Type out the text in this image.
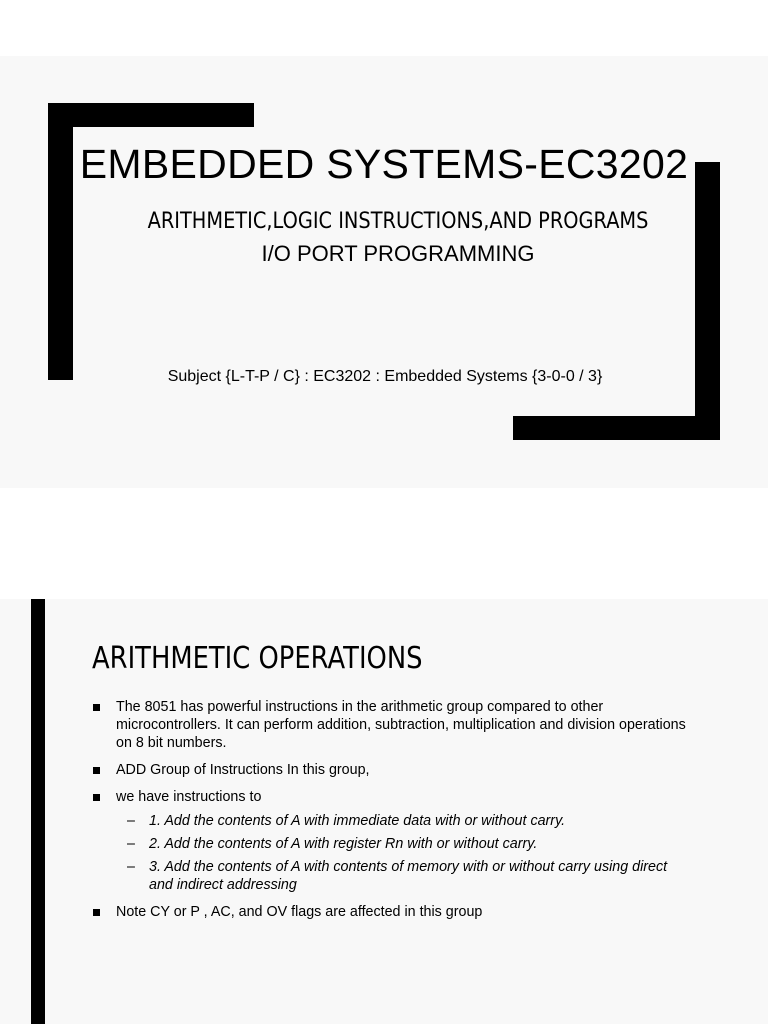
EMBEDDED SYSTEMS-EC3202
ARITHMETIC,LOGIC INSTRUCTIONS,AND PROGRAMS
I/O PORT PROGRAMMING
Subject {L-T-P / C} : EC3202 : Embedded Systems {3-0-0 / 3}
ARITHMETIC OPERATIONS
The 8051 has powerful instructions in the arithmetic group compared to other microcontrollers. It can perform addition, subtraction, multiplication and division operations on 8 bit numbers.
ADD Group of Instructions In this group,
we have instructions to
– 1. Add the contents of A with immediate data with or without carry.
– 2. Add the contents of A with register Rn with or without carry.
– 3. Add the contents of A with contents of memory with or without carry using direct and indirect addressing
Note CY or P , AC, and OV flags are affected in this group
